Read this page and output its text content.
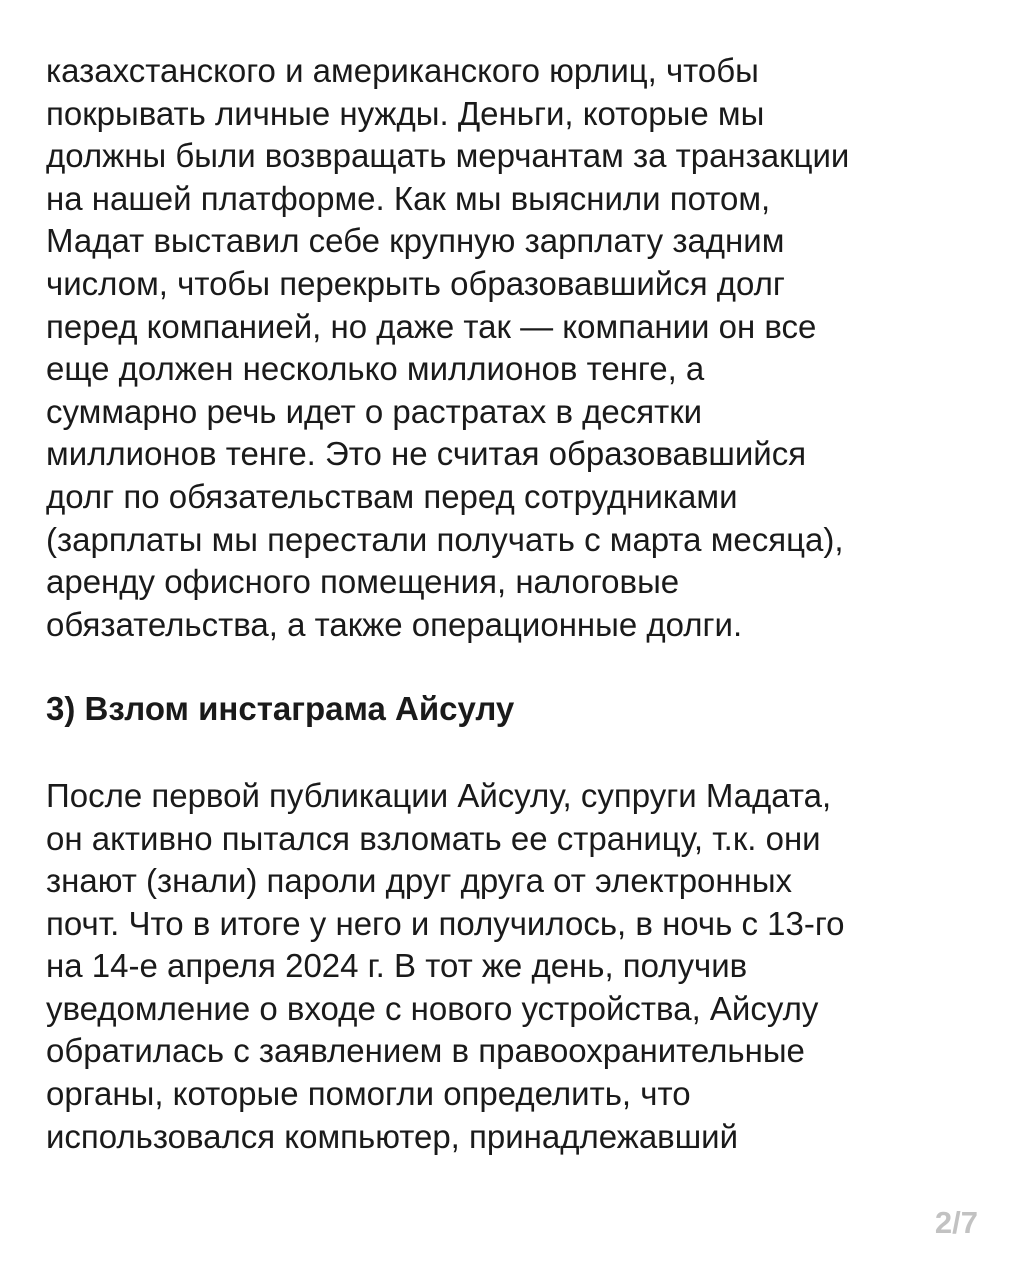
казахстанского и американского юрлиц, чтобы
покрывать личные нужды. Деньги, которые мы
должны были возвращать мерчантам за транзакции
на нашей платформе. Как мы выяснили потом,
Мадат выставил себе крупную зарплату задним
числом, чтобы перекрыть образовавшийся долг
перед компанией, но даже так — компании он все
еще должен несколько миллионов тенге, а
суммарно речь идет о растратах в десятки
миллионов тенге. Это не считая образовавшийся
долг по обязательствам перед сотрудниками
(зарплаты мы перестали получать с марта месяца),
аренду офисного помещения, налоговые
обязательства, а также операционные долги.
3) Взлом инстаграма Айсулу
После первой публикации Айсулу, супруги Мадата,
он активно пытался взломать ее страницу, т.к. они
знают (знали) пароли друг друга от электронных
почт. Что в итоге у него и получилось, в ночь с 13-го
на 14-е апреля 2024 г. В тот же день, получив
уведомление о входе с нового устройства, Айсулу
обратилась с заявлением в правоохранительные
органы, которые помогли определить, что
использовался компьютер, принадлежавший
2/7
